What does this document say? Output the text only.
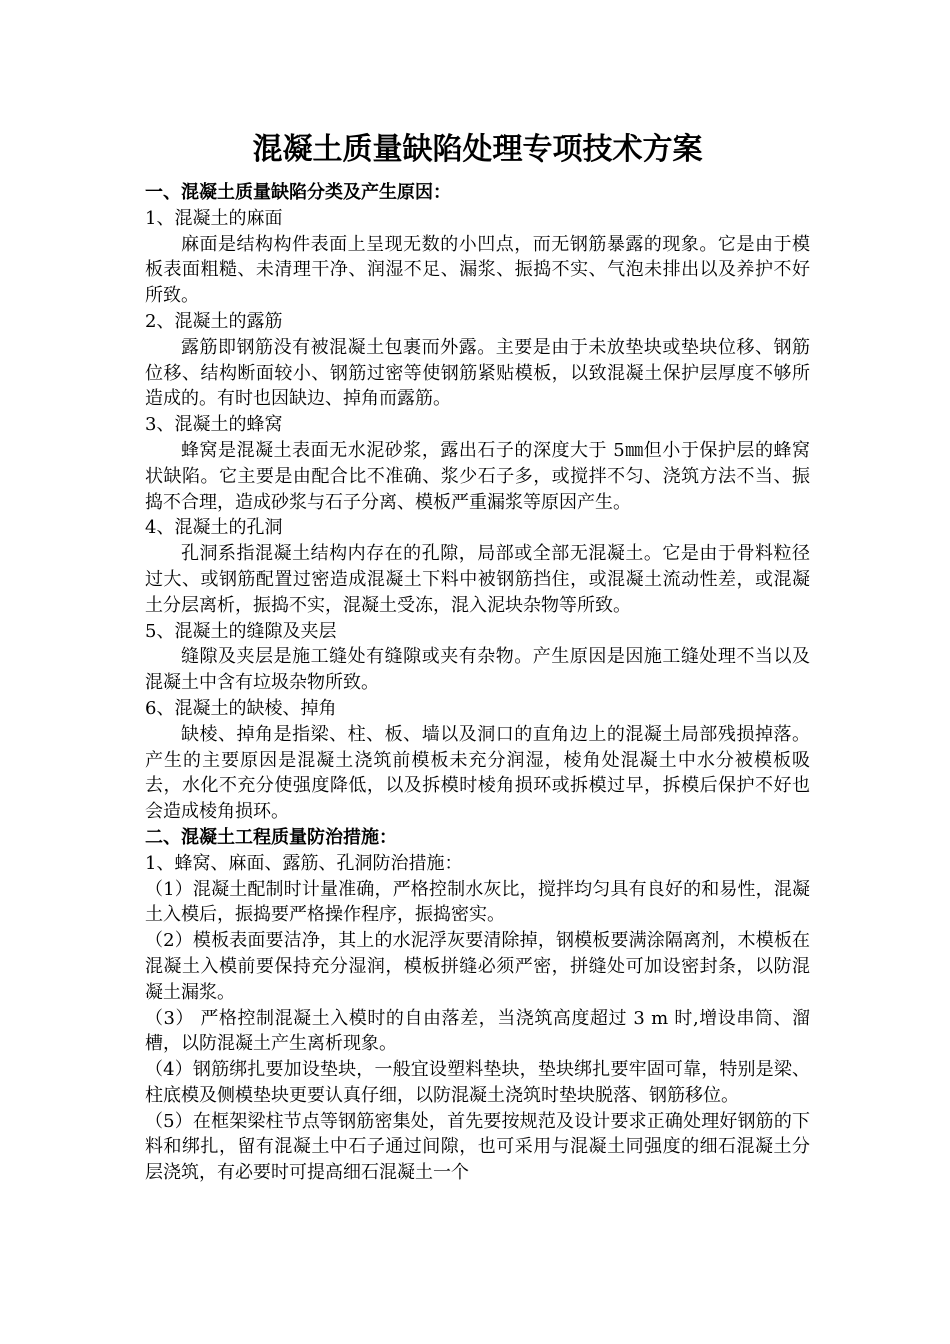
混凝土质量缺陷处理专项技术方案

一、混凝土质量缺陷分类及产生原因：

1、混凝土的麻面

麻面是结构构件表面上呈现无数的小凹点，而无钢筋暴露的现象。它是由于模板表面粗糙、未清理干净、润湿不足、漏浆、振捣不实、气泡未排出以及养护不好所致。

2、混凝土的露筋

露筋即钢筋没有被混凝土包裹而外露。主要是由于未放垫块或垫块位移、钢筋位移、结构断面较小、钢筋过密等使钢筋紧贴模板，以致混凝土保护层厚度不够所造成的。有时也因缺边、掉角而露筋。

3、混凝土的蜂窝

蜂窝是混凝土表面无水泥砂浆，露出石子的深度大于 5㎜但小于保护层的蜂窝状缺陷。它主要是由配合比不准确、浆少石子多，或搅拌不匀、浇筑方法不当、振捣不合理，造成砂浆与石子分离、模板严重漏浆等原因产生。

4、混凝土的孔洞

孔洞系指混凝土结构内存在的孔隙，局部或全部无混凝土。它是由于骨料粒径过大、或钢筋配置过密造成混凝土下料中被钢筋挡住，或混凝土流动性差，或混凝土分层离析，振捣不实，混凝土受冻，混入泥块杂物等所致。

5、混凝土的缝隙及夹层

缝隙及夹层是施工缝处有缝隙或夹有杂物。产生原因是因施工缝处理不当以及混凝土中含有垃圾杂物所致。

6、混凝土的缺棱、掉角

缺棱、掉角是指梁、柱、板、墙以及洞口的直角边上的混凝土局部残损掉落。产生的主要原因是混凝土浇筑前模板未充分润湿，棱角处混凝土中水分被模板吸去，水化不充分使强度降低，以及拆模时棱角损环或拆模过早，拆模后保护不好也会造成棱角损环。

二、混凝土工程质量防治措施：

1、蜂窝、麻面、露筋、孔洞防治措施：

（1）混凝土配制时计量准确，严格控制水灰比，搅拌均匀具有良好的和易性，混凝土入模后，振捣要严格操作程序，振捣密实。

（2）模板表面要洁净，其上的水泥浮灰要清除掉，钢模板要满涂隔离剂，木模板在混凝土入模前要保持充分湿润，模板拼缝必须严密，拼缝处可加设密封条，以防混凝土漏浆。

（3） 严格控制混凝土入模时的自由落差，当浇筑高度超过 3 m 时,增设串筒、溜槽，以防混凝土产生离析现象。

（4）钢筋绑扎要加设垫块，一般宜设塑料垫块，垫块绑扎要牢固可靠，特别是梁、柱底模及侧模垫块更要认真仔细，以防混凝土浇筑时垫块脱落、钢筋移位。

（5）在框架梁柱节点等钢筋密集处，首先要按规范及设计要求正确处理好钢筋的下料和绑扎，留有混凝土中石子通过间隙，也可采用与混凝土同强度的细石混凝土分层浇筑，有必要时可提高细石混凝土一个
